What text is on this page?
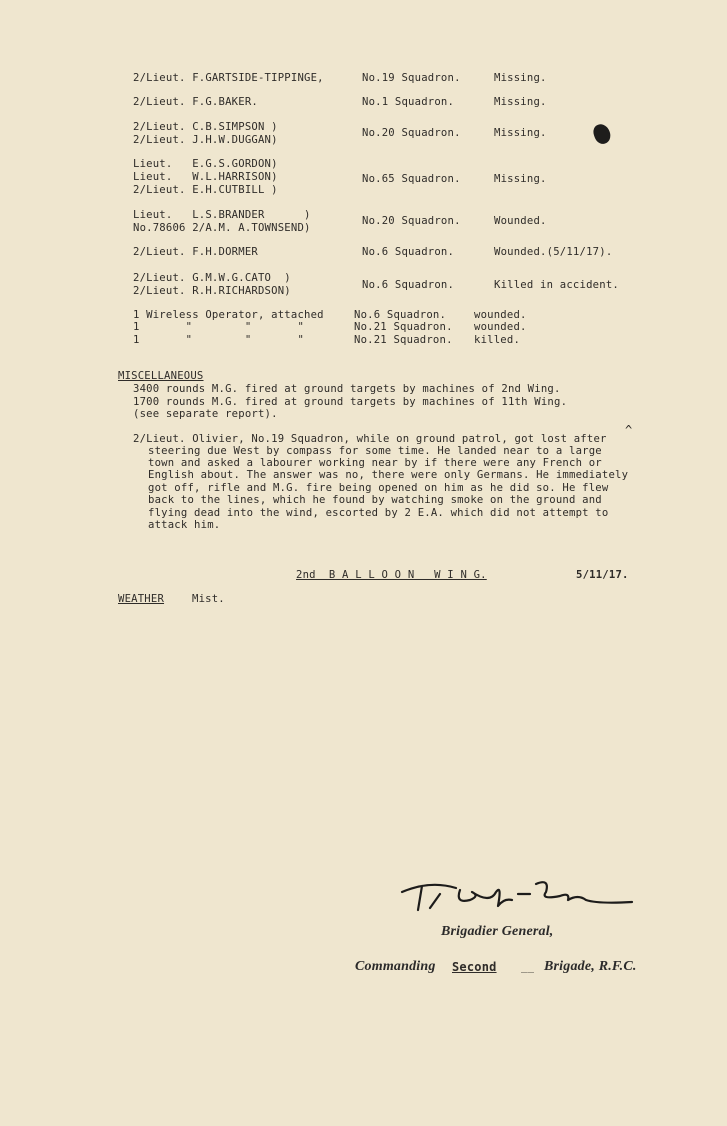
2/Lieut. F.GARTSIDE-TIPPINGE,	No.19 Squadron.	Missing.
2/Lieut. F.G.BAKER.	No.1 Squadron.	Missing.
2/Lieut. C.B.SIMPSON )
2/Lieut. J.H.W.DUGGAN)
No.20 Squadron.	Missing.
Lieut.   E.G.S.GORDON)
Lieut.   W.L.HARRISON)
2/Lieut. E.H.CUTBILL )
No.65 Squadron.	Missing.
Lieut.   L.S.BRANDER      )
No.78606 2/A.M. A.TOWNSEND)
No.20 Squadron.	Wounded.
2/Lieut. F.H.DORMER	No.6 Squadron.	Wounded.(5/11/17).
2/Lieut. G.M.W.G.CATO  )
2/Lieut. R.H.RICHARDSON)	No.6 Squadron.	Killed in accident.
1 Wireless Operator, attached	No.6 Squadron.	wounded.
1       "        "       "	No.21 Squadron. wounded.
1       "        "       "	No.21 Squadron. killed.
MISCELLANEOUS
3400 rounds M.G. fired at ground targets by machines of 2nd Wing.
1700 rounds M.G. fired at ground targets by machines of 11th Wing.
(see separate report).
2/Lieut. Olivier, No.19 Squadron, while on ground patrol, got lost after
steering due West by compass for some time. He landed near to a large
town and asked a labourer working near by if there were any French or
English about. The answer was no, there were only Germans. He immediately
got off, rifle and M.G. fire being opened on him as he did so. He flew
back to the lines, which he found by watching smoke on the ground and
flying dead into the wind, escorted by 2 E.A. which did not attempt to
attack him.
^
2nd  B A L L O O N   W I N G.	5/11/17.
WEATHER	Mist.
Brigadier General,
Commanding Second __ Brigade, R.F.C.
